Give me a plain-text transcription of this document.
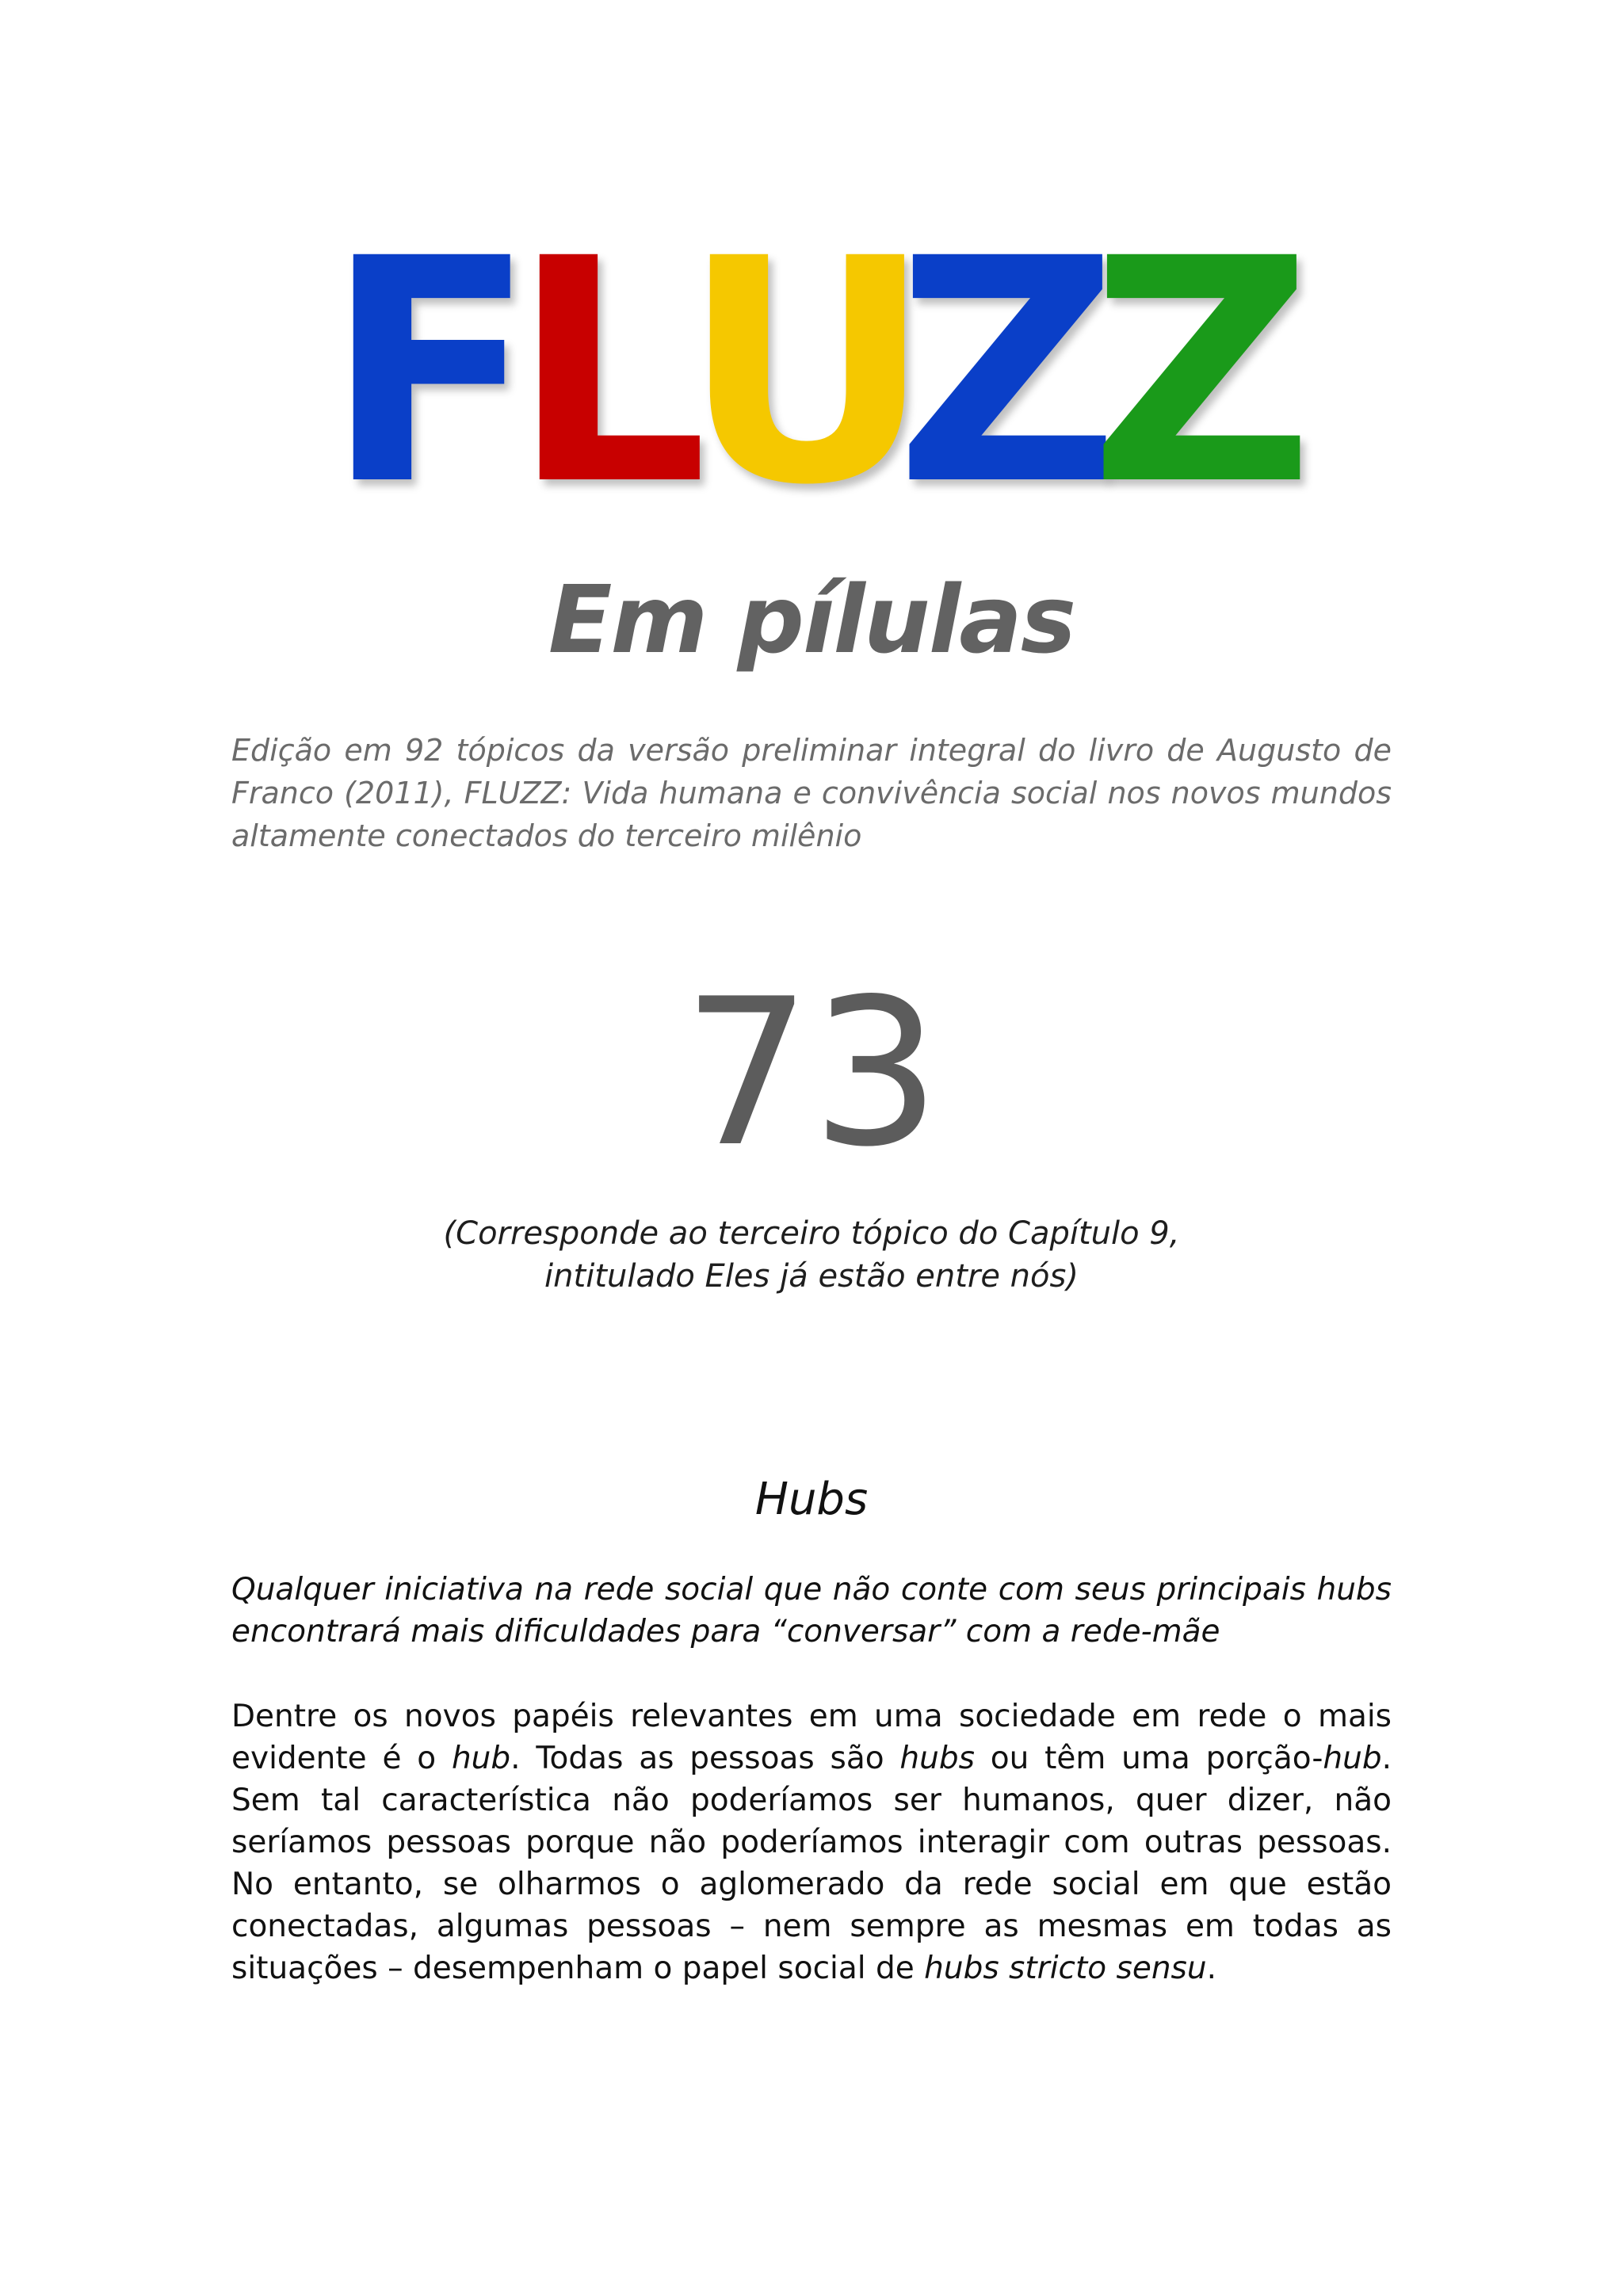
F
L
U
Z
Z
Em pílulas
Edição em 92 tópicos da versão preliminar integral do livro de Augusto de Franco (2011), FLUZZ: Vida humana e convivência social nos novos mundos altamente conectados do terceiro milênio
73
(Corresponde ao terceiro tópico do Capítulo 9,
intitulado Eles já estão entre nós)
Hubs
Qualquer iniciativa na rede social que não conte com seus principais hubs encontrará mais dificuldades para “conversar” com a rede-mãe
Dentre os novos papéis relevantes em uma sociedade em rede o mais evidente é o hub. Todas as pessoas são hubs ou têm uma porção-hub. Sem tal característica não poderíamos ser humanos, quer dizer, não seríamos pessoas porque não poderíamos interagir com outras pessoas. No entanto, se olharmos o aglomerado da rede social em que estão conectadas, algumas pessoas – nem sempre as mesmas em todas as situações – desempenham o papel social de hubs stricto sensu.
